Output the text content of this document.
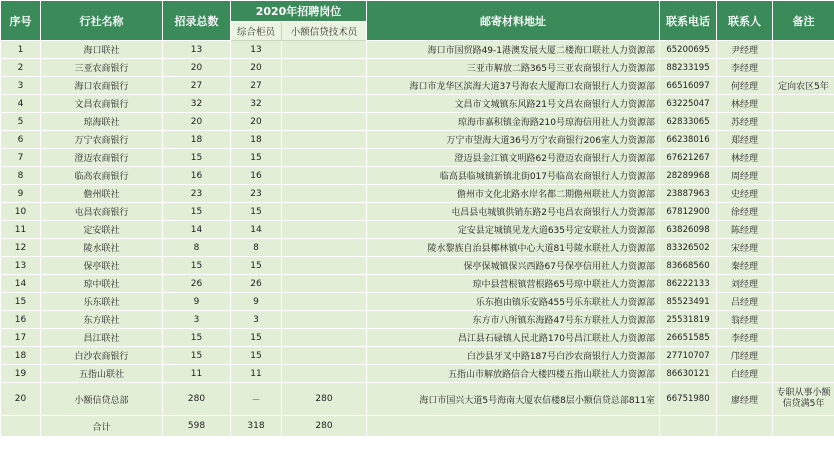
序号	行社名称	招录总数	2020年招聘岗位		邮寄材料地址	联系电话	联系人	备注
			综合柜员	小额信贷技术员				
1	海口联社	13	13		海口市国贸路49-1港澳发展大厦二楼海口联社人力资源部	65200695	尹经理	
2	三亚农商银行	20	20		三亚市解放二路365号三亚农商银行人力资源部	88233195	李经理	
3	海口农商银行	27	27		海口市龙华区滨海大道37号海农大厦海口农商银行人力资源部	66516097	何经理	定向农区5年
4	文昌农商银行	32	32		文昌市文城镇东风路21号文昌农商银行人力资源部	63225047	林经理	
5	琼海联社	20	20		琼海市嘉积镇金海路210号琼海信用社人力资源部	62833065	苏经理	
6	万宁农商银行	18	18		万宁市望海大道36号万宁农商银行206室人力资源部	66238016	郑经理	
7	澄迈农商银行	15	15		澄迈县金江镇文明路62号澄迈农商银行人力资源部	67621267	林经理	
8	临高农商银行	16	16		临高县临城镇新镇北街017号临高农商银行人力资源部	28289968	周经理	
9	儋州联社	23	23		儋州市文化北路水岸名都二期儋州联社人力资源部	23887963	史经理	
10	屯昌农商银行	15	15		屯昌县屯城镇供销东路2号屯昌农商银行人力资源部	67812900	徐经理	
11	定安联社	14	14		定安县定城镇见龙大道635号定安联社人力资源部	63826098	陈经理	
12	陵水联社	8	8		陵水黎族自治县椰林镇中心大道81号陵水联社人力资源部	83326502	宋经理	
13	保亭联社	15	15		保亭保城镇保兴西路67号保亭信用社人力资源部	83668560	秦经理	
14	琼中联社	26	26		琼中县营根镇营根路65号琼中联社人力资源部	86222133	刘经理	
15	乐东联社	9	9		乐东抱由镇乐安路455号乐东联社人力资源部	85523491	吕经理	
16	东方联社	3	3		东方市八所镇东海路47号东方联社人力资源部	25531819	翁经理	
17	昌江联社	15	15		昌江县石碌镇人民北路170号昌江联社人力资源部	26651585	李经理	
18	白沙农商银行	15	15		白沙县牙叉中路187号白沙农商银行人力资源部	27710707	邝经理	
19	五指山联社	11	11		五指山市解放路信合大楼四楼五指山联社人力资源部	86630121	白经理	
20	小额信贷总部	280	－	280	海口市国兴大道5号海南大厦农信楼8层小额信贷总部811室	66751980	廖经理	专职从事小额信贷满5年
	合计	598	318	280				
